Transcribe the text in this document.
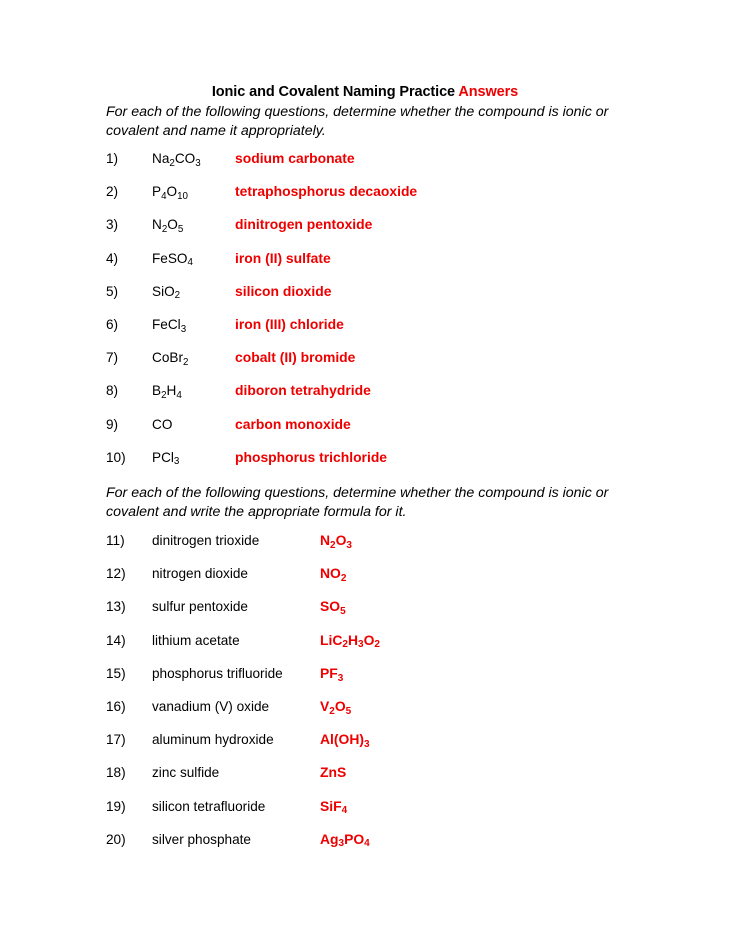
Ionic and Covalent Naming Practice Answers
For each of the following questions, determine whether the compound is ionic or covalent and name it appropriately.
1) $Na_2CO_3$ sodium carbonate
2) $P_4O_{10}$	tetraphosphorus decaoxide
3) $N_2O_5$	dinitrogen pentoxide
4) FeSO$_4$	iron (II) sulfate
5) SiO$_2$	silicon dioxide
6) FeCl$_3$	iron (III) chloride
7) CoBr$_2$	cobalt (II) bromide
8) $B_2H_4$	diboron tetrahydride
9) CO	carbon monoxide
10) PCl$_3$	phosphorus trichloride
For each of the following questions, determine whether the compound is ionic or covalent and write the appropriate formula for it.
11) dinitrogen trioxide	$N_2O_3$
12) nitrogen dioxide	$NO_2$
13) sulfur pentoxide	$SO_5$
14) lithium acetate	$LiC_2H_3O_2$
15) phosphorus trifluoride	$PF_3$
16) vanadium (V) oxide	$V_2O_5$
17) aluminum hydroxide	$Al(OH)_3$
18) zinc sulfide	ZnS
19) silicon tetrafluoride	SiF$_4$
20) silver phosphate	$Ag_3PO_4$
